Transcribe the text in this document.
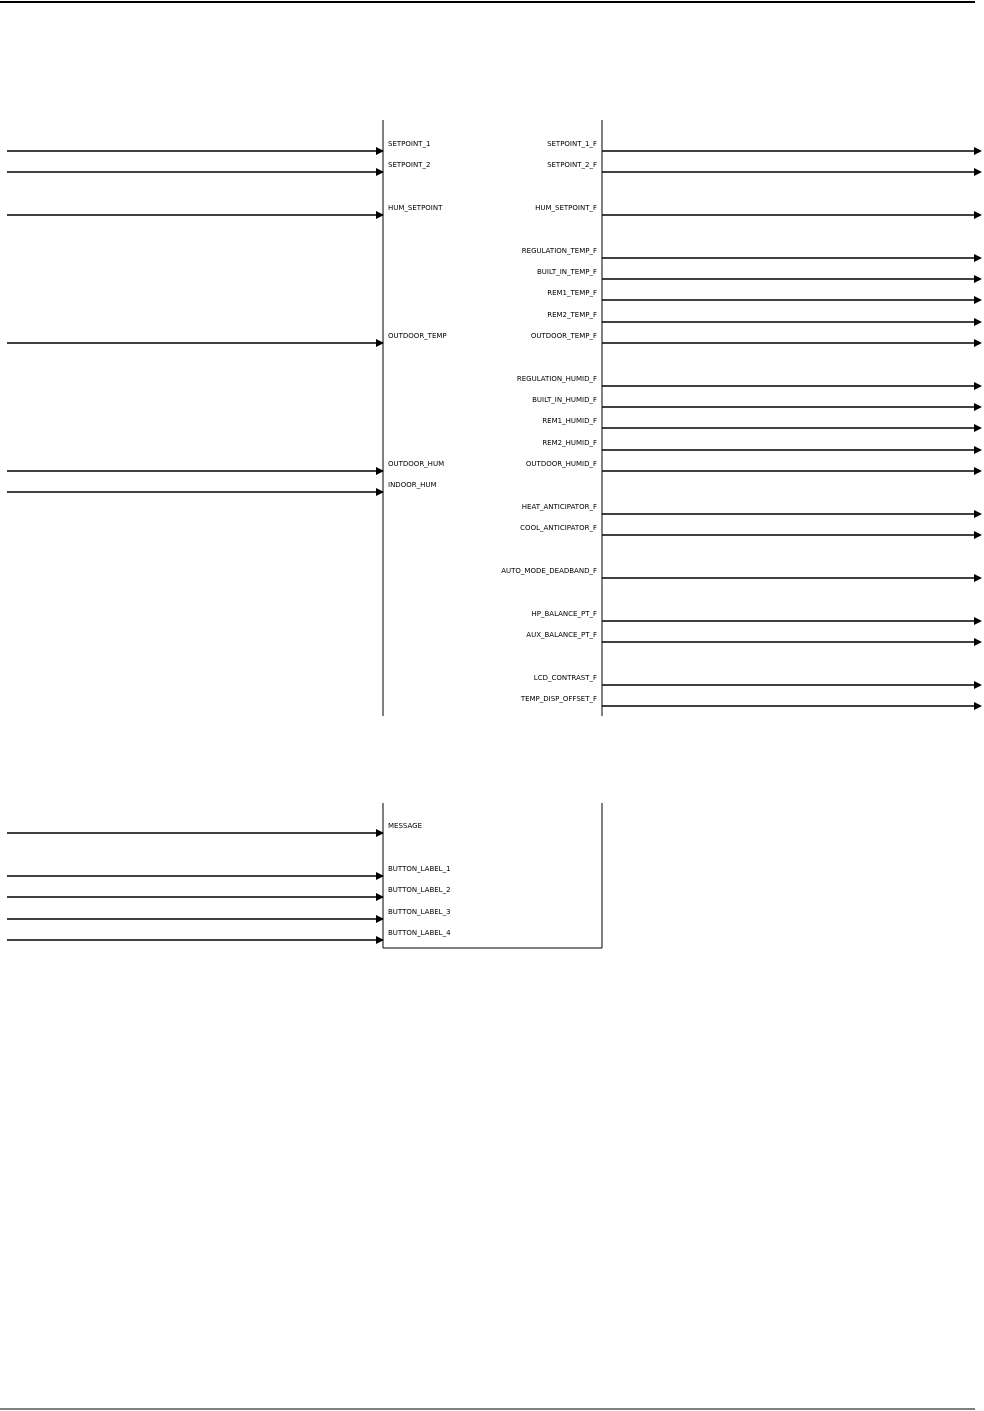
SETPOINT_1
SETPOINT_2
HUM_SETPOINT
OUTDOOR_TEMP
OUTDOOR_HUM
INDOOR_HUM
SETPOINT_1_F
SETPOINT_2_F
HUM_SETPOINT_F
REGULATION_TEMP_F
BUILT_IN_TEMP_F
REM1_TEMP_F
REM2_TEMP_F
OUTDOOR_TEMP_F
REGULATION_HUMID_F
BUILT_IN_HUMID_F
REM1_HUMID_F
REM2_HUMID_F
OUTDOOR_HUMID_F
HEAT_ANTICIPATOR_F
COOL_ANTICIPATOR_F
AUTO_MODE_DEADBAND_F
HP_BALANCE_PT_F
AUX_BALANCE_PT_F
LCD_CONTRAST_F
TEMP_DISP_OFFSET_F
MESSAGE
BUTTON_LABEL_1
BUTTON_LABEL_2
BUTTON_LABEL_3
BUTTON_LABEL_4
